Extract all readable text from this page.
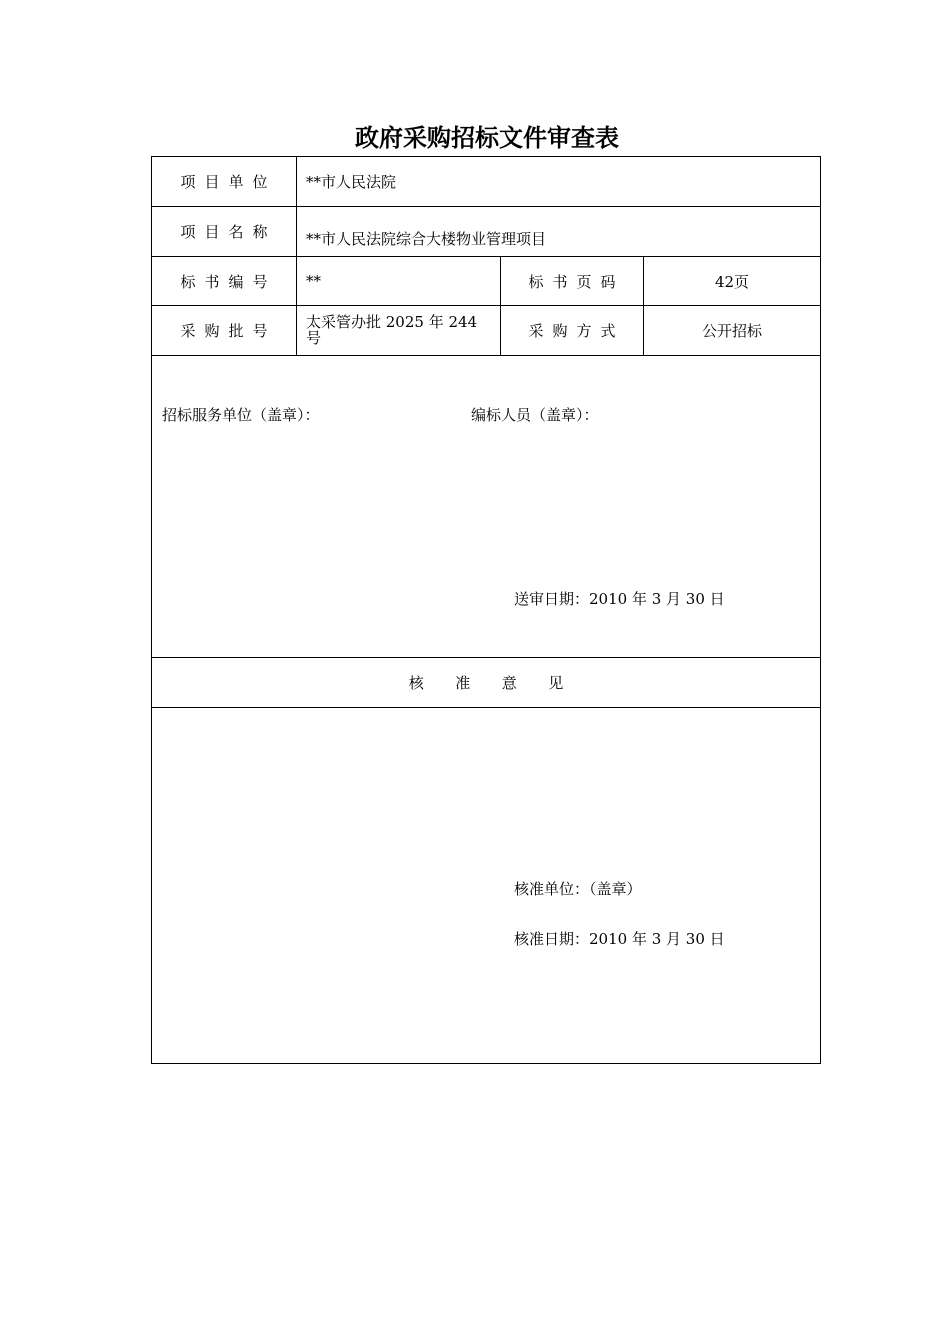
政府采购招标文件审查表
项目单位	**市人民法院
项目名称	**市人民法院综合大楼物业管理项目
标书编号	**	标书页码	42页
采购批号	太采管办批 2025 年 244 号	采购方式	公开招标
招标服务单位（盖章）：	编标人员（盖章）：
送审日期：2010 年 3 月 30 日
核准意见
核准单位：（盖章）
核准日期：2010 年 3 月 30 日
